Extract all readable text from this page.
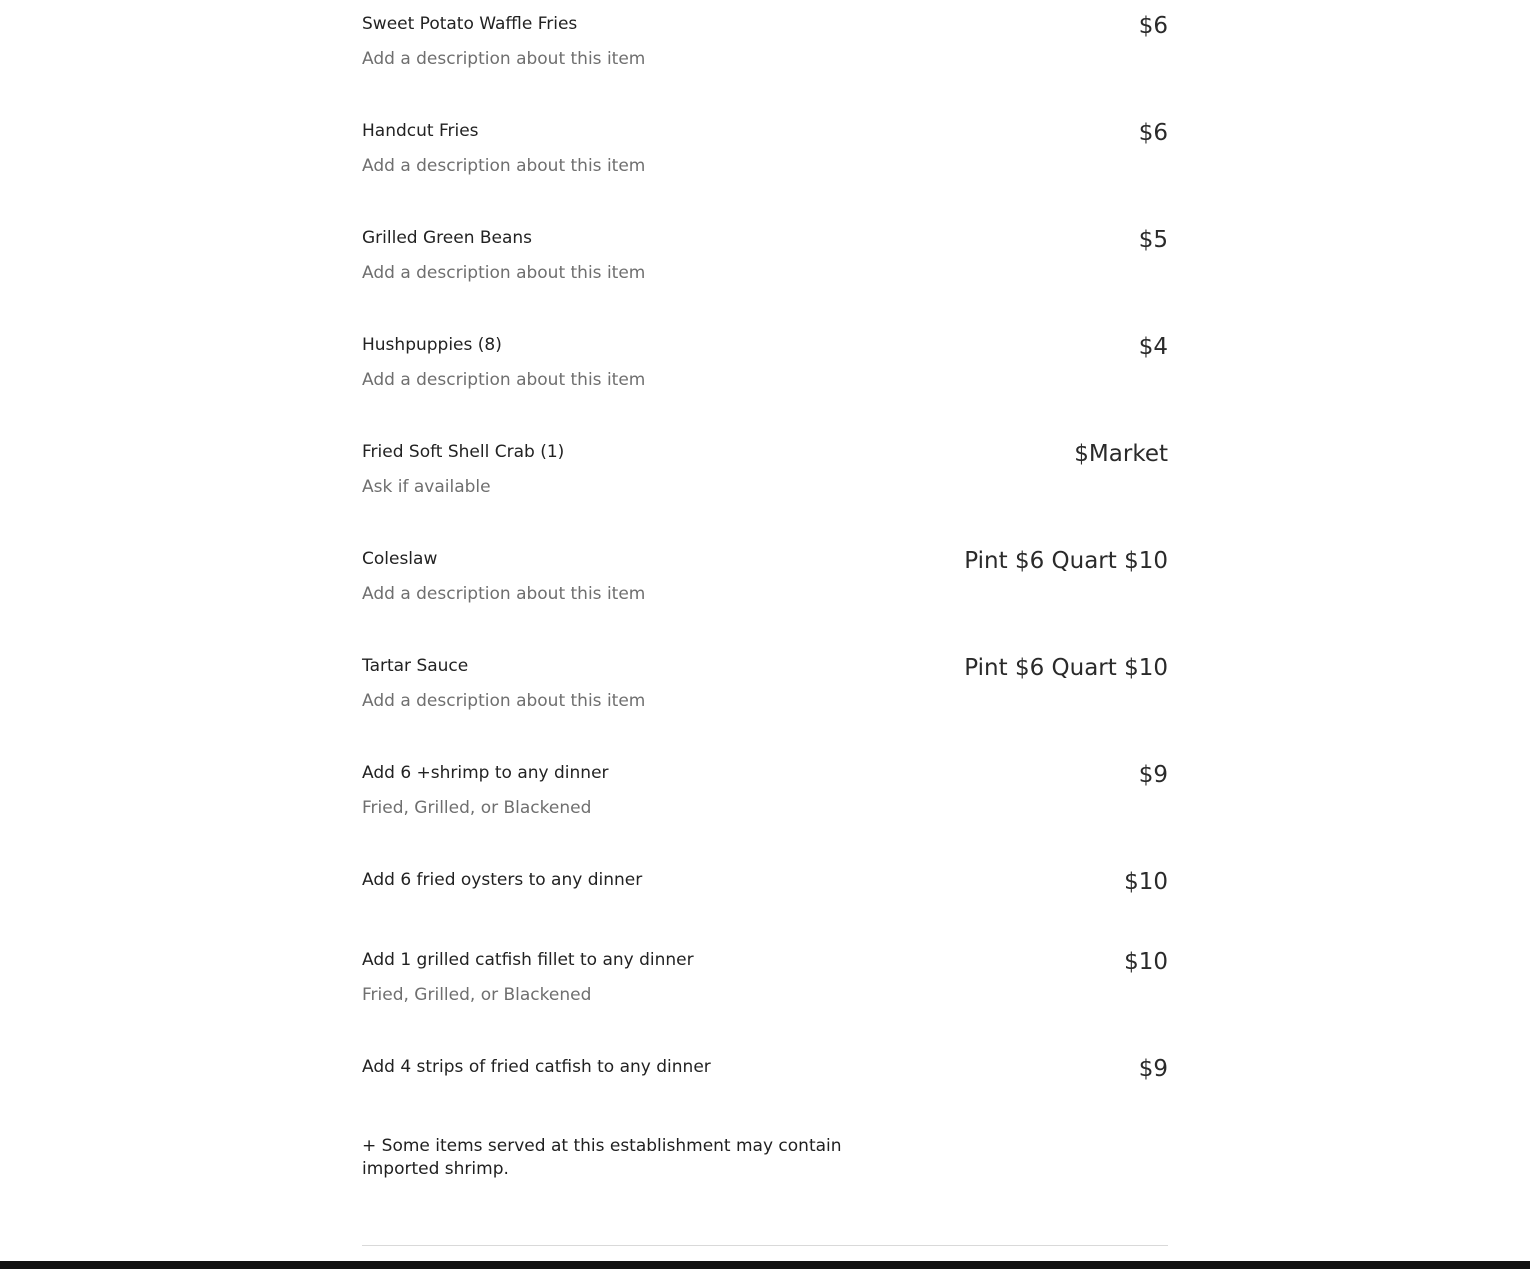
Sweet Potato Waffle Fries
Add a description about this item
$6
Handcut Fries
Add a description about this item
$6
Grilled Green Beans
Add a description about this item
$5
Hushpuppies (8)
Add a description about this item
$4
Fried Soft Shell Crab (1)
Ask if available
$Market
Coleslaw
Add a description about this item
Pint $6 Quart $10
Tartar Sauce
Add a description about this item
Pint $6 Quart $10
Add 6 +shrimp to any dinner
Fried, Grilled, or Blackened
$9
Add 6 fried oysters to any dinner	$10
Add 1 grilled catfish fillet to any dinner
Fried, Grilled, or Blackened
$10
Add 4 strips of fried catfish to any dinner	$9
+ Some items served at this establishment may contain imported shrimp.
